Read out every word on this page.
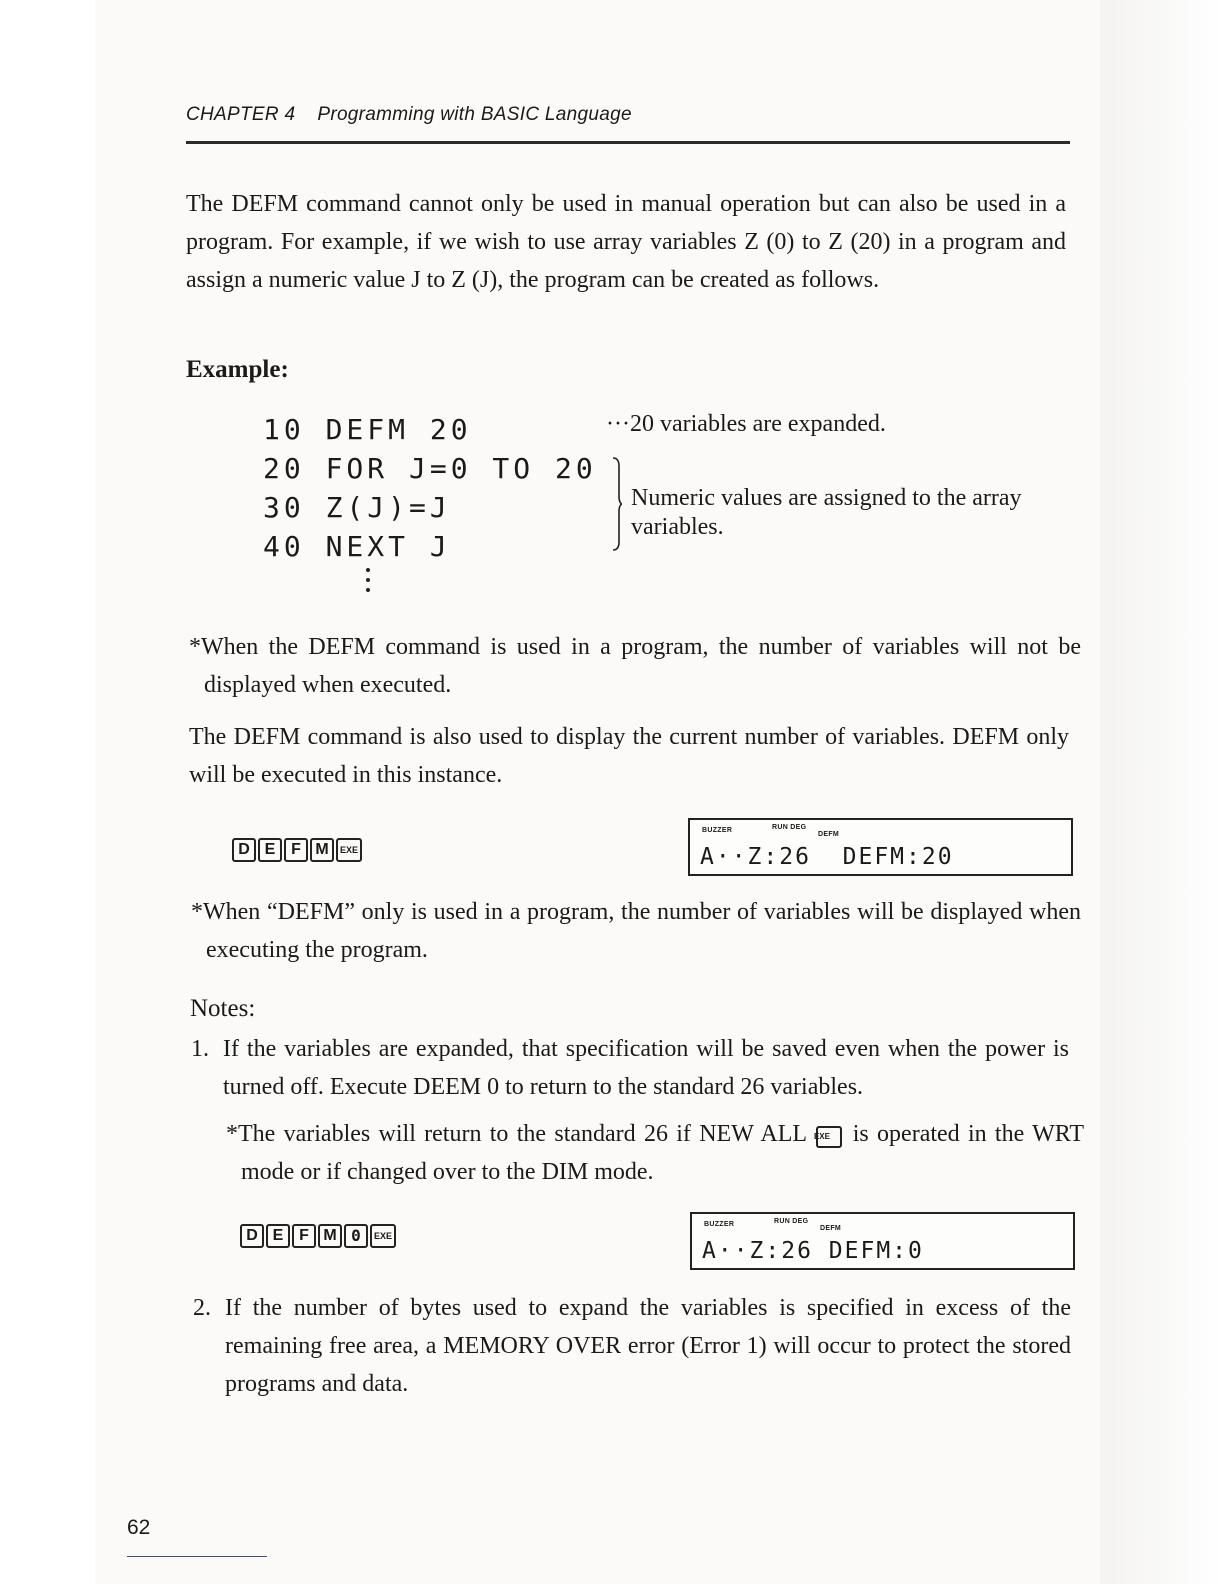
CHAPTER 4 Programming with BASIC Language

The DEFM command cannot only be used in manual operation but can also be used in a program. For example, if we wish to use array variables Z (0) to Z (20) in a program and assign a numeric value J to Z (J), the program can be created as follows.

Example:
10 DEFM 20
20 FOR J=0 TO 20
30 Z(J)=J
40 NEXT J
···20 variables are expanded.
Numeric values are assigned to the array variables.

*When the DEFM command is used in a program, the number of variables will not be displayed when executed.

The DEFM command is also used to display the current number of variables. DEFM only will be executed in this instance.

D E F M	EXE
BUZZER	RUN DEG
DEFM
A··Z:26  DEFM:20

*When “DEFM” only is used in a program, the number of variables will be displayed when executing the program.

Notes:
1. If the variables are expanded, that specification will be saved even when the power is turned off. Execute DEEM 0 to return to the standard 26 variables.

*The variables will return to the standard 26 if NEW ALL EXE is operated in the WRT mode or if changed over to the DIM mode.

D E F M 0	EXE
BUZZER	RUN DEG
DEFM
A··Z:26 DEFM:0
2. If the number of bytes used to expand the variables is specified in excess of the remaining free area, a MEMORY OVER error (Error 1) will occur to protect the stored programs and data.

62
